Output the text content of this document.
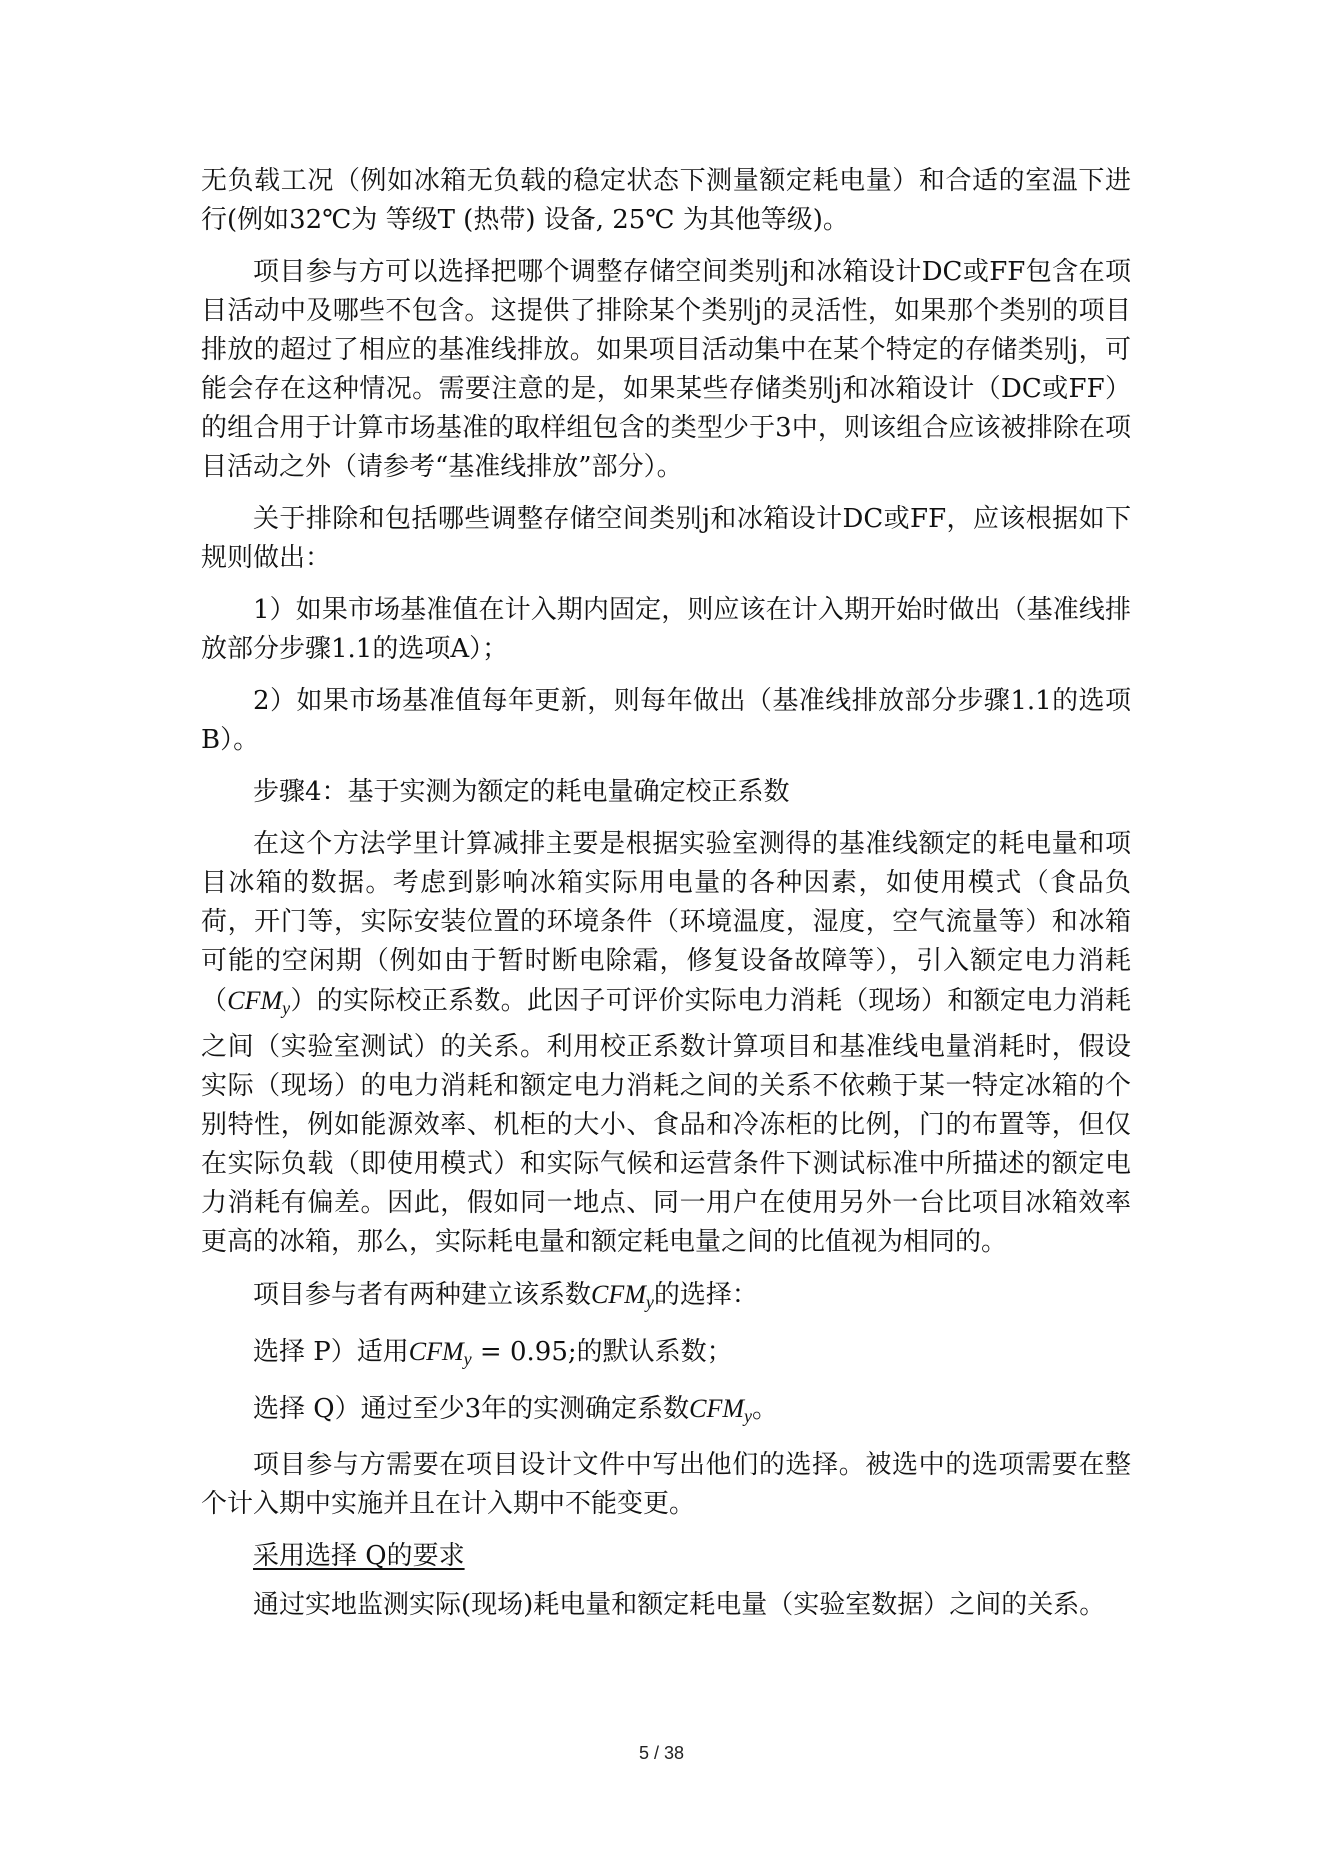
无负载工况（例如冰箱无负载的稳定状态下测量额定耗电量）和合适的室温下进行(例如32℃为 等级T (热带) 设备, 25℃ 为其他等级)。

项目参与方可以选择把哪个调整存储空间类别j和冰箱设计DC或FF包含在项目活动中及哪些不包含。这提供了排除某个类别j的灵活性，如果那个类别的项目排放的超过了相应的基准线排放。如果项目活动集中在某个特定的存储类别j，可能会存在这种情况。需要注意的是，如果某些存储类别j和冰箱设计（DC或FF）的组合用于计算市场基准的取样组包含的类型少于3中，则该组合应该被排除在项目活动之外（请参考“基准线排放”部分）。

关于排除和包括哪些调整存储空间类别j和冰箱设计DC或FF，应该根据如下规则做出：

1）如果市场基准值在计入期内固定，则应该在计入期开始时做出（基准线排放部分步骤1.1的选项A）；

2）如果市场基准值每年更新，则每年做出（基准线排放部分步骤1.1的选项B）。

步骤4：基于实测为额定的耗电量确定校正系数

在这个方法学里计算减排主要是根据实验室测得的基准线额定的耗电量和项目冰箱的数据。考虑到影响冰箱实际用电量的各种因素，如使用模式（食品负荷，开门等，实际安装位置的环境条件（环境温度，湿度，空气流量等）和冰箱可能的空闲期（例如由于暂时断电除霜，修复设备故障等），引入额定电力消耗$(CFM_y)$的实际校正系数。此因子可评价实际电力消耗（现场）和额定电力消耗之间（实验室测试）的关系。利用校正系数计算项目和基准线电量消耗时，假设实际（现场）的电力消耗和额定电力消耗之间的关系不依赖于某一特定冰箱的个别特性，例如能源效率、机柜的大小、食品和冷冻柜的比例，门的布置等，但仅在实际负载（即使用模式）和实际气候和运营条件下测试标准中所描述的额定电力消耗有偏差。因此，假如同一地点、同一用户在使用另外一台比项目冰箱效率更高的冰箱，那么，实际耗电量和额定耗电量之间的比值视为相同的。

项目参与者有两种建立该系数$CFM_y$的选择：

选择 P）适用$CFM_y = 0.95$;的默认系数；

选择 Q）通过至少3年的实测确定系数$CFM_y$。

项目参与方需要在项目设计文件中写出他们的选择。被选中的选项需要在整个计入期中实施并且在计入期中不能变更。

采用选择 Q的要求

通过实地监测实际(现场)耗电量和额定耗电量（实验室数据）之间的关系。

5 / 38
